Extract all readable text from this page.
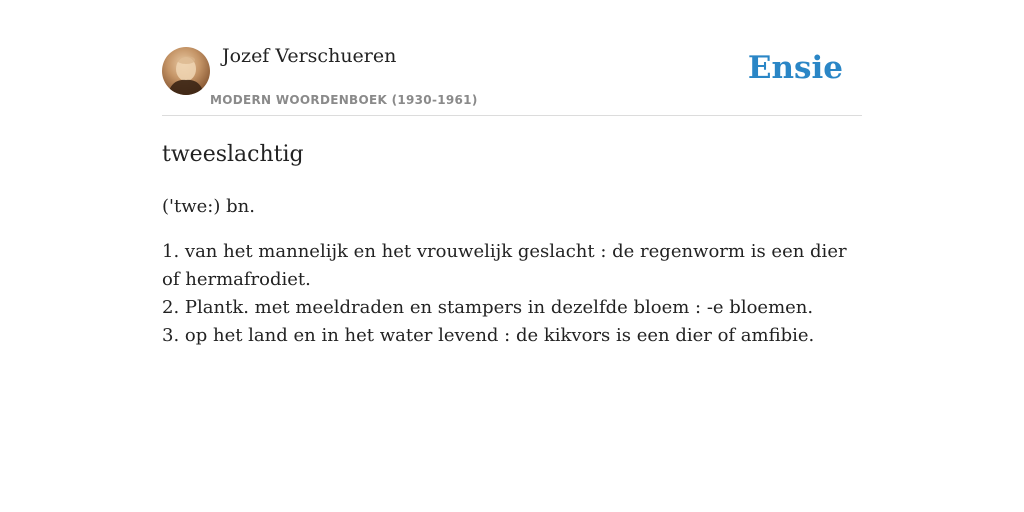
Jozef Verschueren
MODERN WOORDENBOEK (1930-1961)
Ensie
tweeslachtig
('twe:) bn.
1. van het mannelijk en het vrouwelijk geslacht : de regenworm is een dier of hermafrodiet.
2. Plantk. met meeldraden en stampers in dezelfde bloem : -e bloemen.
3. op het land en in het water levend : de kikvors is een dier of amfibie.
